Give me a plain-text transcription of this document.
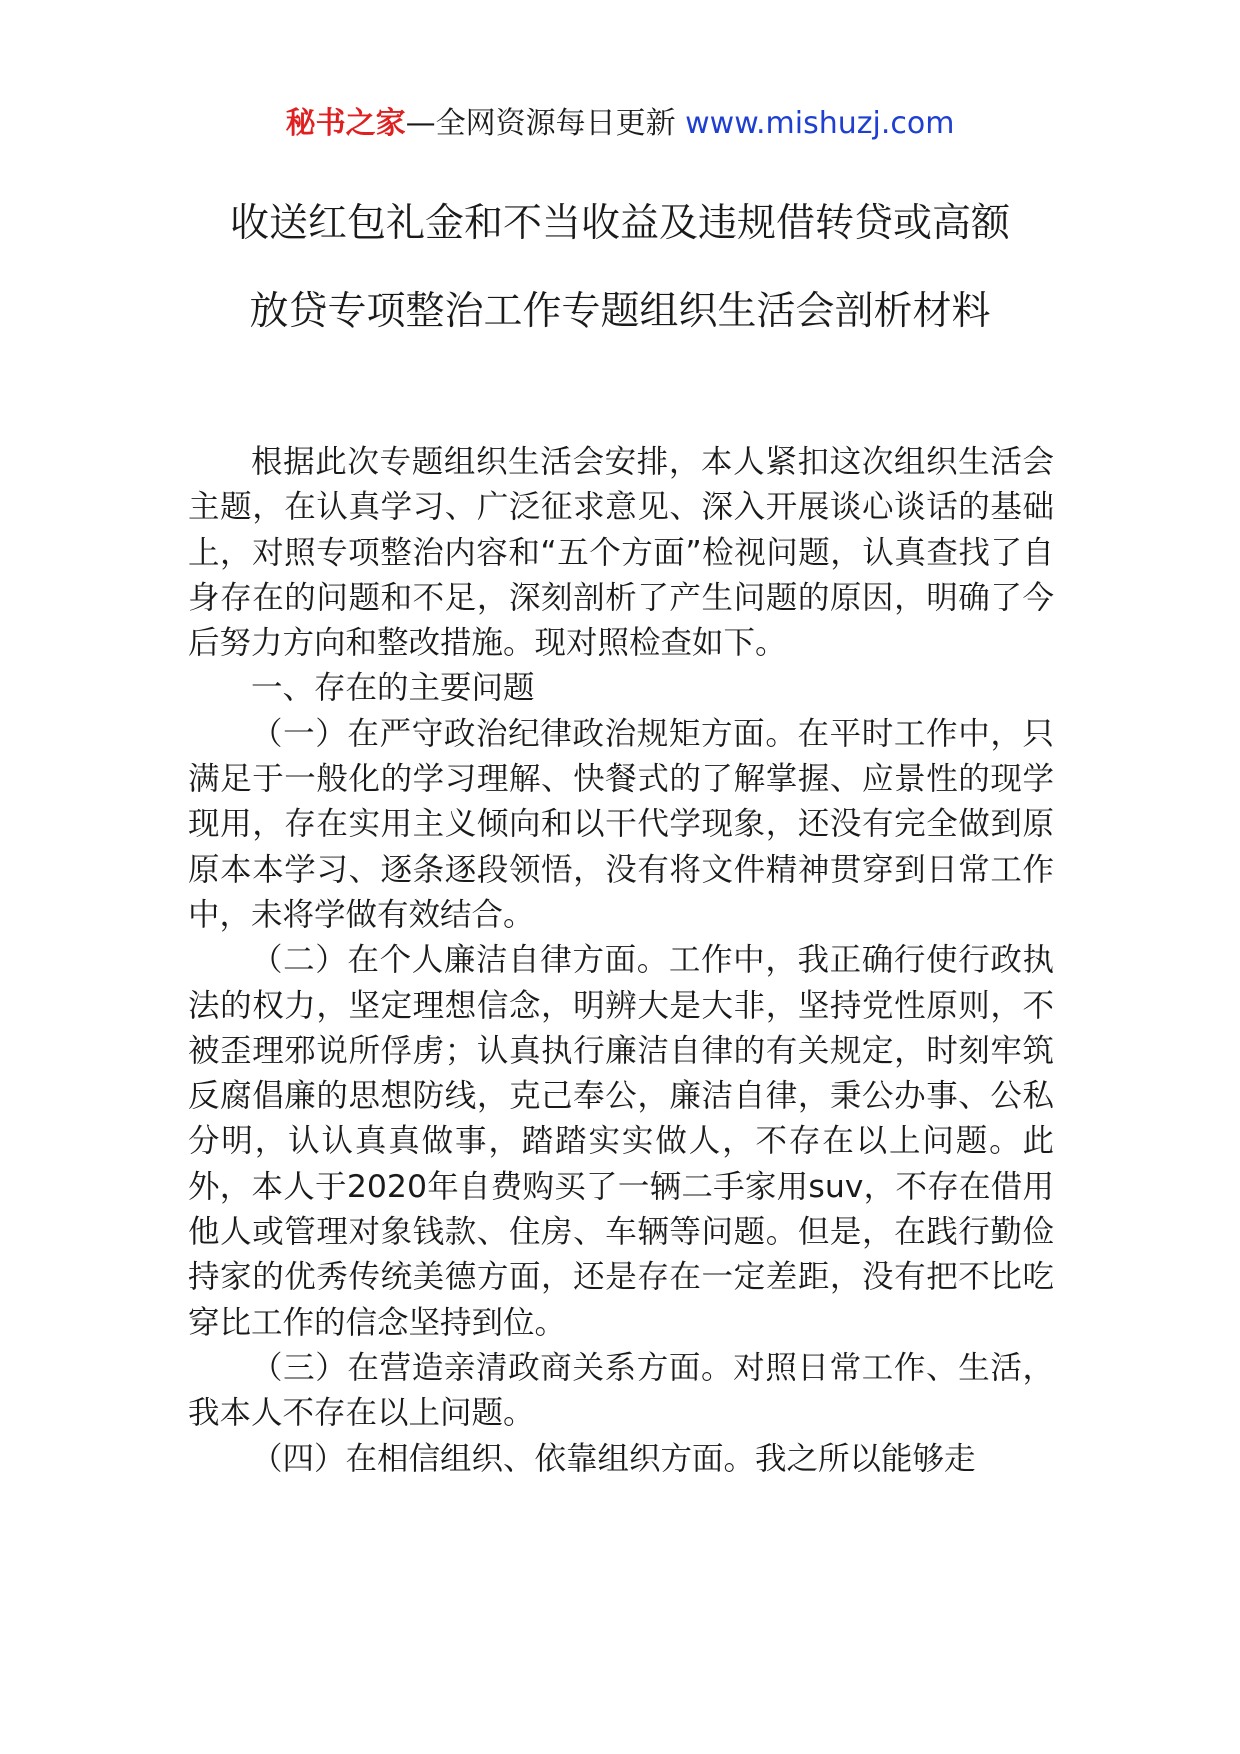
秘书之家—全网资源每日更新 www.mishuzj.com
收送红包礼金和不当收益及违规借转贷或高额
放贷专项整治工作专题组织生活会剖析材料

根据此次专题组织生活会安排，本人紧扣这次组织生活会主题，在认真学习、广泛征求意见、深入开展谈心谈话的基础上，对照专项整治内容和“五个方面”检视问题，认真查找了自身存在的问题和不足，深刻剖析了产生问题的原因，明确了今后努力方向和整改措施。现对照检查如下。

一、存在的主要问题

（一）在严守政治纪律政治规矩方面。在平时工作中，只满足于一般化的学习理解、快餐式的了解掌握、应景性的现学现用，存在实用主义倾向和以干代学现象，还没有完全做到原原本本学习、逐条逐段领悟，没有将文件精神贯穿到日常工作中，未将学做有效结合。

（二）在个人廉洁自律方面。工作中，我正确行使行政执法的权力，坚定理想信念，明辨大是大非，坚持党性原则，不被歪理邪说所俘虏；认真执行廉洁自律的有关规定，时刻牢筑反腐倡廉的思想防线，克己奉公，廉洁自律，秉公办事、公私分明，认认真真做事，踏踏实实做人，不存在以上问题。此外，本人于2020年自费购买了一辆二手家用suv，不存在借用他人或管理对象钱款、住房、车辆等问题。但是，在践行勤俭持家的优秀传统美德方面，还是存在一定差距，没有把不比吃穿比工作的信念坚持到位。

（三）在营造亲清政商关系方面。对照日常工作、生活，我本人不存在以上问题。

（四）在相信组织、依靠组织方面。我之所以能够走
